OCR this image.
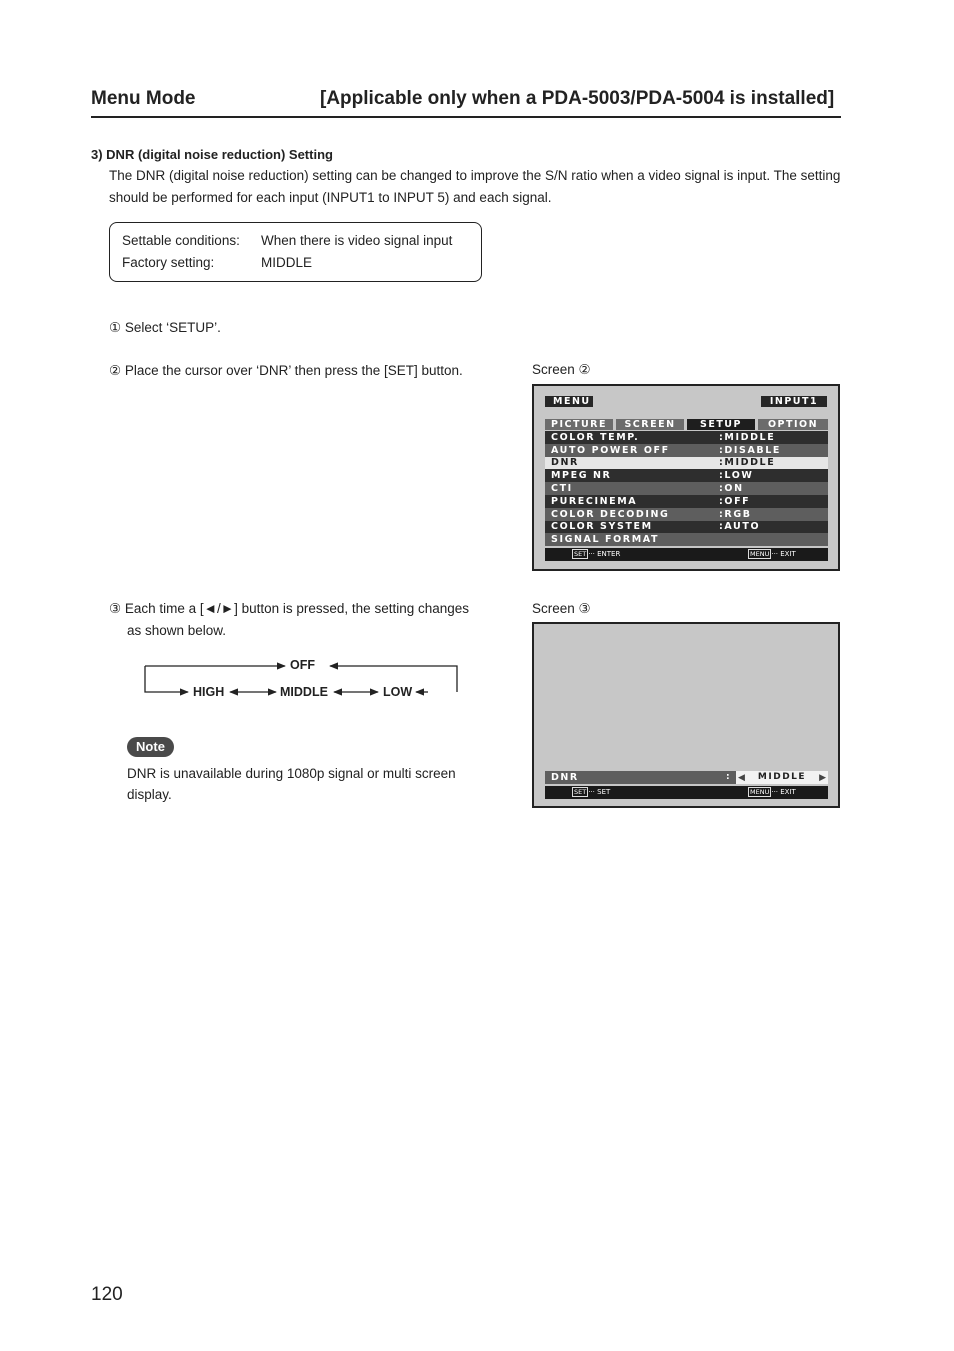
Menu Mode	[Applicable only when a PDA-5003/PDA-5004 is installed]
3) DNR (digital noise reduction) Setting
The DNR (digital noise reduction) setting can be changed to improve the S/N ratio when a video signal is input. The setting should be performed for each input (INPUT1 to INPUT 5) and each signal.
Settable conditions: When there is video signal input
Factory setting:	MIDDLE
① Select ‘SETUP’.
② Place the cursor over ‘DNR’ then press the [SET] button.
③ Each time a [◄/►] button is pressed, the setting changes
as shown below.
Screen ②
MENU	INPUT1
PICTURE	SCREEN	SETUP	OPTION
COLOR TEMP.	:MIDDLE
AUTO POWER OFF	:DISABLE
DNR	:MIDDLE
MPEG NR	:LOW
CTI	:ON
PURECINEMA	:OFF
COLOR DECODING	:RGB
COLOR SYSTEM	:AUTO
SIGNAL FORMAT
SET ··· ENTER	MENU ··· EXIT
Screen ③
DNR	: ◀	MIDDLE	▶
SET ··· SET	MENU ··· EXIT
OFF
HIGH	MIDDLE	LOW
Note
DNR is unavailable during 1080p signal or multi screen display.
120
